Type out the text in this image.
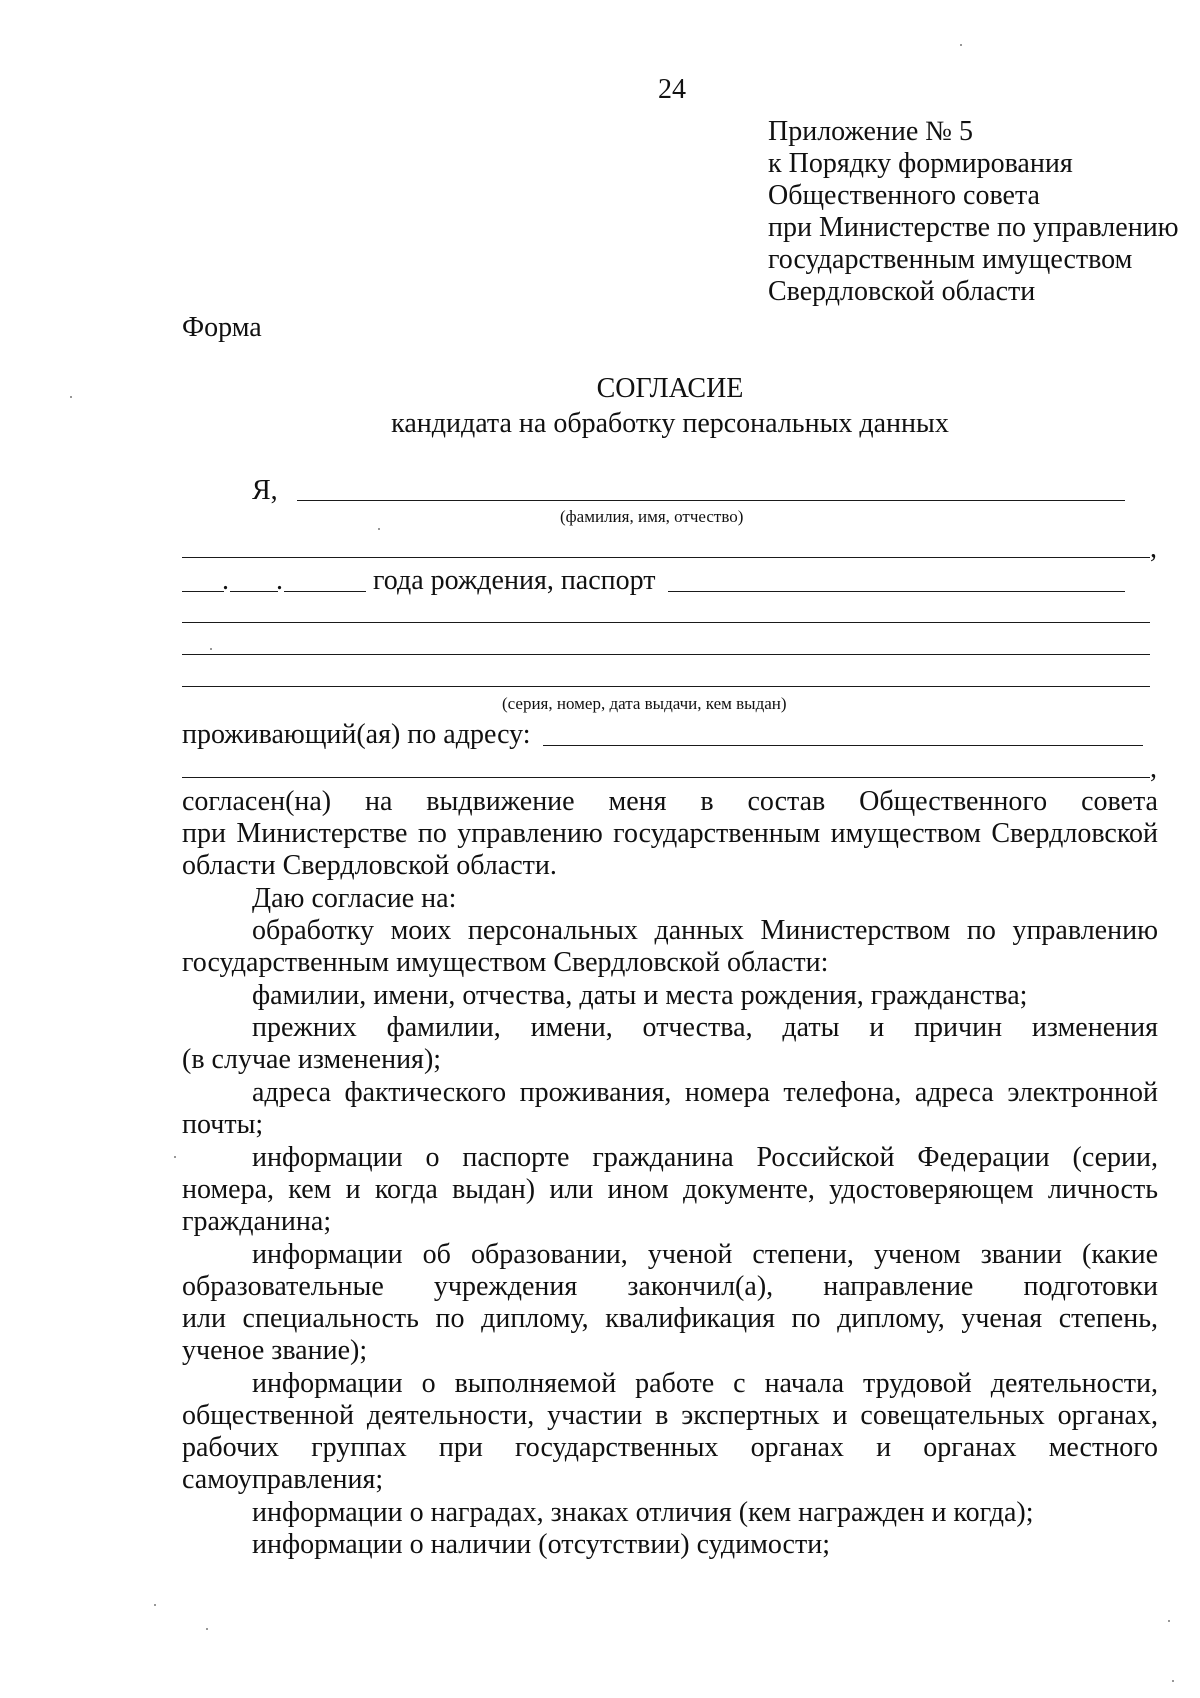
24
Приложение № 5
к Порядку формирования
Общественного совета
при Министерстве по управлению
государственным имуществом
Свердловской области
Форма
СОГЛАСИЕ
кандидата на обработку персональных данных
Я,
(фамилия, имя, отчество)
,
. .	года рождения, паспорт
(серия, номер, дата выдачи, кем выдан)
проживающий(ая) по адресу:
,
согласен(на) на выдвижение меня в состав Общественного совета
при Министерстве по управлению государственным имуществом Свердловской
области Свердловской области.
Даю согласие на:
обработку моих персональных данных Министерством по управлению
государственным имуществом Свердловской области:
фамилии, имени, отчества, даты и места рождения, гражданства;
прежних фамилии, имени, отчества, даты и причин изменения
(в случае изменения);
адреса фактического проживания, номера телефона, адреса электронной
почты;
информации о паспорте гражданина Российской Федерации (серии,
номера, кем и когда выдан) или ином документе, удостоверяющем личность
гражданина;
информации об образовании, ученой степени, ученом звании (какие
образовательные учреждения закончил(а), направление подготовки
или специальность по диплому, квалификация по диплому, ученая степень,
ученое звание);
информации о выполняемой работе с начала трудовой деятельности,
общественной деятельности, участии в экспертных и совещательных органах,
рабочих группах при государственных органах и органах местного
самоуправления;
информации о наградах, знаках отличия (кем награжден и когда);
информации о наличии (отсутствии) судимости;
